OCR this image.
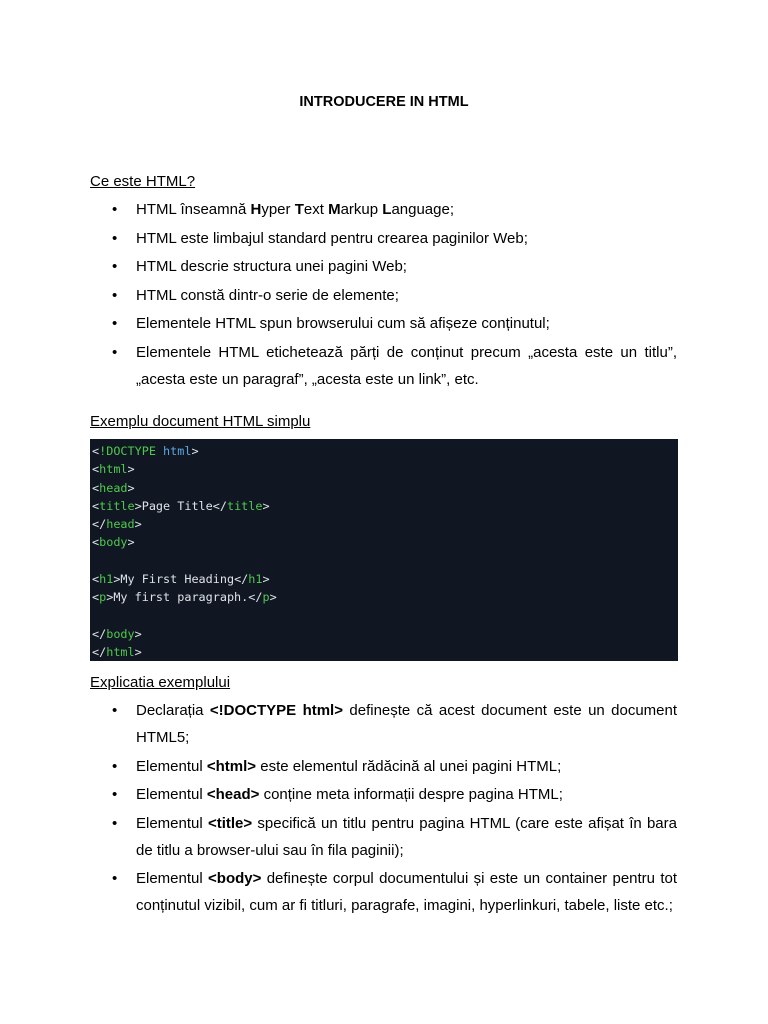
INTRODUCERE IN HTML
Ce este HTML?
• HTML înseamnă Hyper Text Markup Language;
• HTML este limbajul standard pentru crearea paginilor Web;
• HTML descrie structura unei pagini Web;
• HTML constă dintr-o serie de elemente;
• Elementele HTML spun browserului cum să afișeze conținutul;
• Elementele HTML etichetează părți de conținut precum „acesta este un titlu”, „acesta este un paragraf”, „acesta este un link”, etc.
Exemplu document HTML simplu
<!DOCTYPE html>
<html>
<head>
<title>Page Title</title>
</head>
<body>

<h1>My First Heading</h1>
<p>My first paragraph.</p>

</body>
</html>
Explicatia exemplului
• Declarația <!DOCTYPE html> definește că acest document este un document HTML5;
• Elementul <html> este elementul rădăcină al unei pagini HTML;
• Elementul <head> conține meta informații despre pagina HTML;
• Elementul <title> specifică un titlu pentru pagina HTML (care este afișat în bara de titlu a browser-ului sau în fila paginii);
• Elementul <body> definește corpul documentului și este un container pentru tot conținutul vizibil, cum ar fi titluri, paragrafe, imagini, hyperlinkuri, tabele, liste etc.;
